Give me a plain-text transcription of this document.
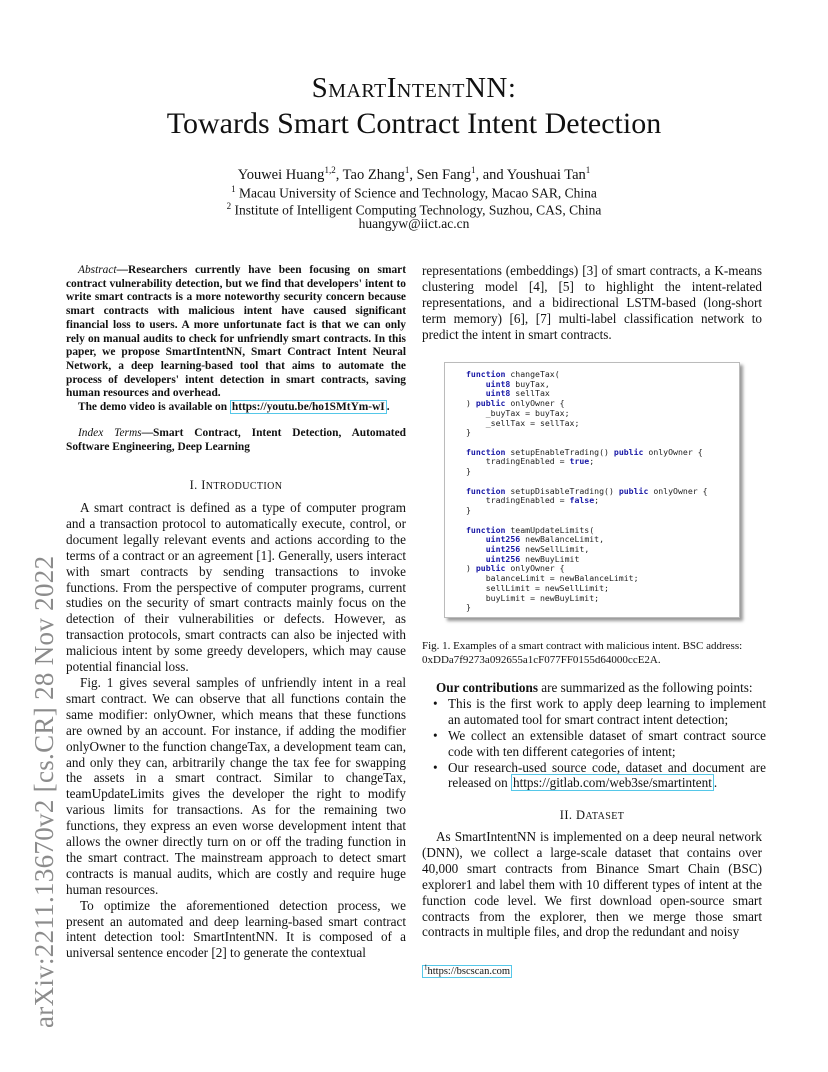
SmartIntentNN:
Towards Smart Contract Intent Detection
Youwei Huang$^{1,2}$, Tao Zhang$^1$, Sen Fang$^1$, and Youshuai Tan$^1$
$^1$ Macau University of Science and Technology, Macao SAR, China
$^2$ Institute of Intelligent Computing Technology, Suzhou, CAS, China
huangyw@iict.ac.cn
arXiv:2211.13670v2 [cs.CR] 28 Nov 2022

Abstract—Researchers currently have been focusing on smart contract vulnerability detection, but we find that developers' intent to write smart contracts is a more noteworthy security concern because smart contracts with malicious intent have caused significant financial loss to users. A more unfortunate fact is that we can only rely on manual audits to check for unfriendly smart contracts. In this paper, we propose SmartIntentNN, Smart Contract Intent Neural Network, a deep learning-based tool that aims to automate the process of developers' intent detection in smart contracts, saving human resources and overhead.

The demo video is available on https://youtu.be/ho1SMtYm-wI .

Index Terms—Smart Contract, Intent Detection, Automated Software Engineering, Deep Learning

I. INTRODUCTION

A smart contract is defined as a type of computer program and a transaction protocol to automatically execute, control, or document legally relevant events and actions according to the terms of a contract or an agreement [1]. Generally, users interact with smart contracts by sending transactions to invoke functions. From the perspective of computer programs, current studies on the security of smart contracts mainly focus on the detection of their vulnerabilities or defects. However, as transaction protocols, smart contracts can also be injected with malicious intent by some greedy developers, which may cause potential financial loss.

Fig. 1 gives several samples of unfriendly intent in a real smart contract. We can observe that all functions contain the same modifier: onlyOwner, which means that these functions are owned by an account. For instance, if adding the modifier onlyOwner to the function changeTax, a development team can, and only they can, arbitrarily change the tax fee for swapping the assets in a smart contract. Similar to changeTax, teamUpdateLimits gives the developer the right to modify various limits for transactions. As for the remaining two functions, they express an even worse development intent that allows the owner directly turn on or off the trading function in the smart contract. The mainstream approach to detect smart contracts is manual audits, which are costly and require huge human resources.

To optimize the aforementioned detection process, we present an automated and deep learning-based smart contract intent detection tool: SmartIntentNN. It is composed of a universal sentence encoder [2] to generate the contextual

representations (embeddings) [3] of smart contracts, a K-means clustering model [4], [5] to highlight the intent-related representations, and a bidirectional LSTM-based (long-short term memory) [6], [7] multi-label classification network to predict the intent in smart contracts.
function changeTax(
uint8 buyTax,
uint8 sellTax
) public onlyOwner {
_buyTax = buyTax;
_sellTax = sellTax;
}

function setupEnableTrading() public onlyOwner {
tradingEnabled = true;
}

function setupDisableTrading() public onlyOwner {
tradingEnabled = false;
}

function teamUpdateLimits(
uint256 newBalanceLimit,
uint256 newSellLimit,
uint256 newBuyLimit
) public onlyOwner {
balanceLimit = newBalanceLimit;
sellLimit = newSellLimit;
buyLimit = newBuyLimit;
}
Fig. 1. Examples of a smart contract with malicious intent. BSC address: 0xDDa7f9273a092655a1cF077FF0155d64000ccE2A.

Our contributions are summarized as the following points:

• This is the first work to apply deep learning to implement an automated tool for smart contract intent detection;
• We collect an extensible dataset of smart contract source code with ten different categories of intent;
• Our research-used source code, dataset and document are released on https://gitlab.com/web3se/smartintent .
II. DATASET
As SmartIntentNN is implemented on a deep neural network (DNN), we collect a large-scale dataset that contains over 40,000 smart contracts from Binance Smart Chain (BSC) explorer1 and label them with 10 different types of intent at the function code level. We first download open-source smart contracts from the explorer, then we merge those smart contracts in multiple files, and drop the redundant and noisy
$^1$https://bscscan.com
